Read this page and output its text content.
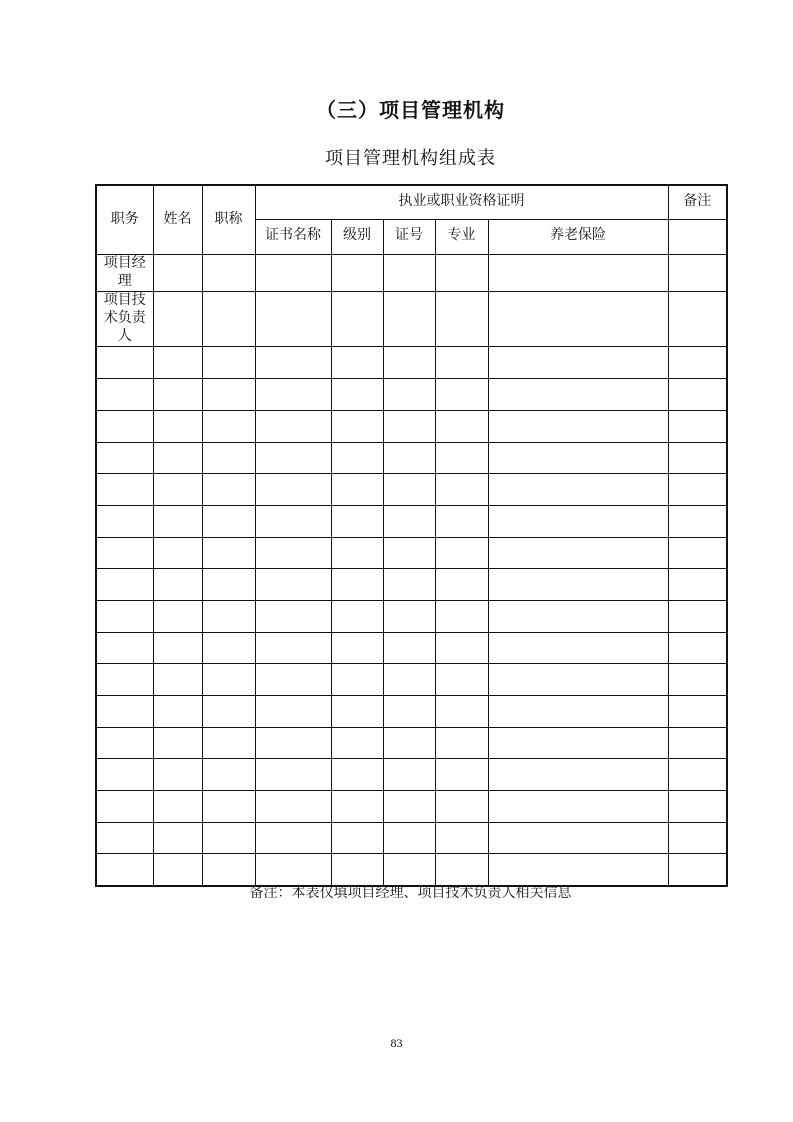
（三）项目管理机构
项目管理机构组成表
职务	姓名	职称	执业或职业资格证明					备注
			证书名称	级别	证号	专业	养老保险	
项目经理								
项目技术负责人								

备注：本表仅填项目经理、项目技术负责人相关信息
83
